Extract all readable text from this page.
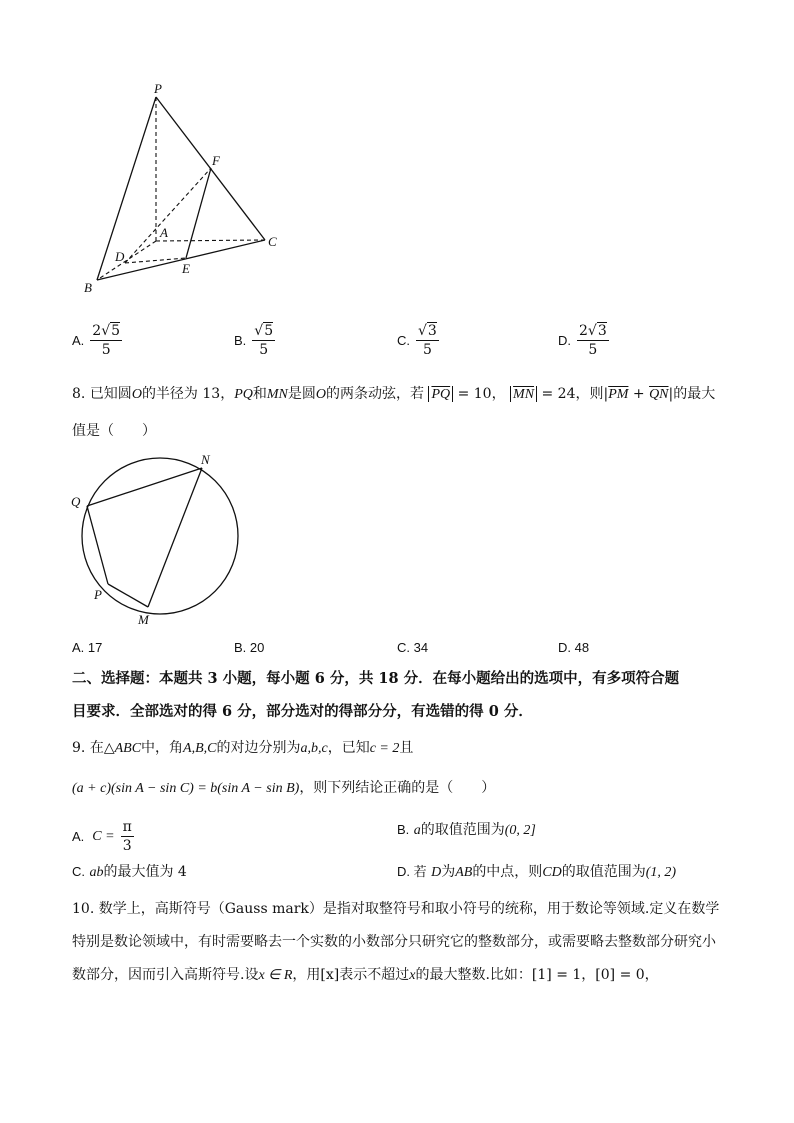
P
F
A
C
D
E
B
A. $\frac{2√5}{5}$	B. $\frac{√5}{5}$	C. $\frac{√3}{5}$	D. $\frac{2√3}{5}$
8. 已知圆O的半径为 13，PQ和MN是圆O的两条动弦，若 $\overline{PQ} = 10$， $\overline{MN} = 24$，则$|\overline{PM} + \overline{QN}|$的最大
值是（　　）
N
Q
P
M
A. 17	B. 20	C. 34	D. 48
二、选择题：本题共 3 小题，每小题 6 分，共 18 分．在每小题给出的选项中，有多项符合题
目要求．全部选对的得 6 分，部分选对的得部分分，有选错的得 0 分．
9. 在△ABC中，角A,B,C的对边分别为a,b,c，已知c = 2且
(a + c)(sin A − sin C) = b(sin A − sin B)，则下列结论正确的是（　　）
A. $C = \frac{\pi}{3}$	B. a的取值范围为(0, 2]
C. ab的最大值为 4	D. 若 D为AB的中点，则CD的取值范围为(1, 2)
10. 数学上，高斯符号（Gauss mark）是指对取整符号和取小符号的统称，用于数论等领域.定义在数学
特别是数论领域中，有时需要略去一个实数的小数部分只研究它的整数部分，或需要略去整数部分研究小
数部分，因而引入高斯符号.设x ∈ R，用[x]表示不超过x的最大整数.比如：[1] = 1，[0] = 0，
